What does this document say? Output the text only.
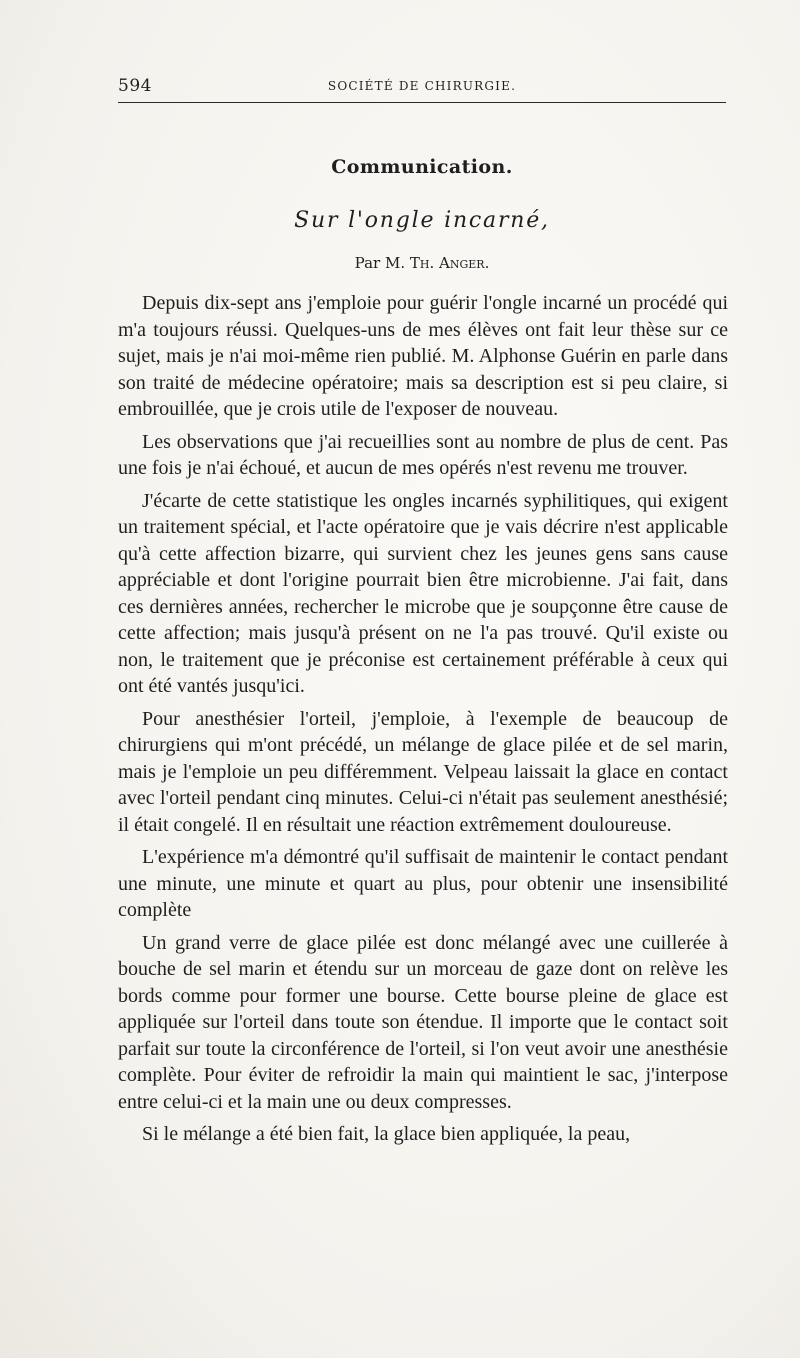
594	SOCIÉTÉ DE CHIRURGIE.
Communication.
Sur l'ongle incarné,
Par M. Th. Anger.

Depuis dix-sept ans j'emploie pour guérir l'ongle incarné un procédé qui m'a toujours réussi. Quelques-uns de mes élèves ont fait leur thèse sur ce sujet, mais je n'ai moi-même rien publié. M. Alphonse Guérin en parle dans son traité de médecine opératoire; mais sa description est si peu claire, si embrouillée, que je crois utile de l'exposer de nouveau.

Les observations que j'ai recueillies sont au nombre de plus de cent. Pas une fois je n'ai échoué, et aucun de mes opérés n'est revenu me trouver.

J'écarte de cette statistique les ongles incarnés syphilitiques, qui exigent un traitement spécial, et l'acte opératoire que je vais décrire n'est applicable qu'à cette affection bizarre, qui survient chez les jeunes gens sans cause appréciable et dont l'origine pourrait bien être microbienne. J'ai fait, dans ces dernières années, rechercher le microbe que je soupçonne être cause de cette affection; mais jusqu'à présent on ne l'a pas trouvé. Qu'il existe ou non, le traitement que je préconise est certainement préférable à ceux qui ont été vantés jusqu'ici.

Pour anesthésier l'orteil, j'emploie, à l'exemple de beaucoup de chirurgiens qui m'ont précédé, un mélange de glace pilée et de sel marin, mais je l'emploie un peu différemment. Velpeau laissait la glace en contact avec l'orteil pendant cinq minutes. Celui-ci n'était pas seulement anesthésié; il était congelé. Il en résultait une réaction extrêmement douloureuse.

L'expérience m'a démontré qu'il suffisait de maintenir le contact pendant une minute, une minute et quart au plus, pour obtenir une insensibilité complète

Un grand verre de glace pilée est donc mélangé avec une cuillerée à bouche de sel marin et étendu sur un morceau de gaze dont on relève les bords comme pour former une bourse. Cette bourse pleine de glace est appliquée sur l'orteil dans toute son étendue. Il importe que le contact soit parfait sur toute la circonférence de l'orteil, si l'on veut avoir une anesthésie complète. Pour éviter de refroidir la main qui maintient le sac, j'interpose entre celui-ci et la main une ou deux compresses.

Si le mélange a été bien fait, la glace bien appliquée, la peau,
